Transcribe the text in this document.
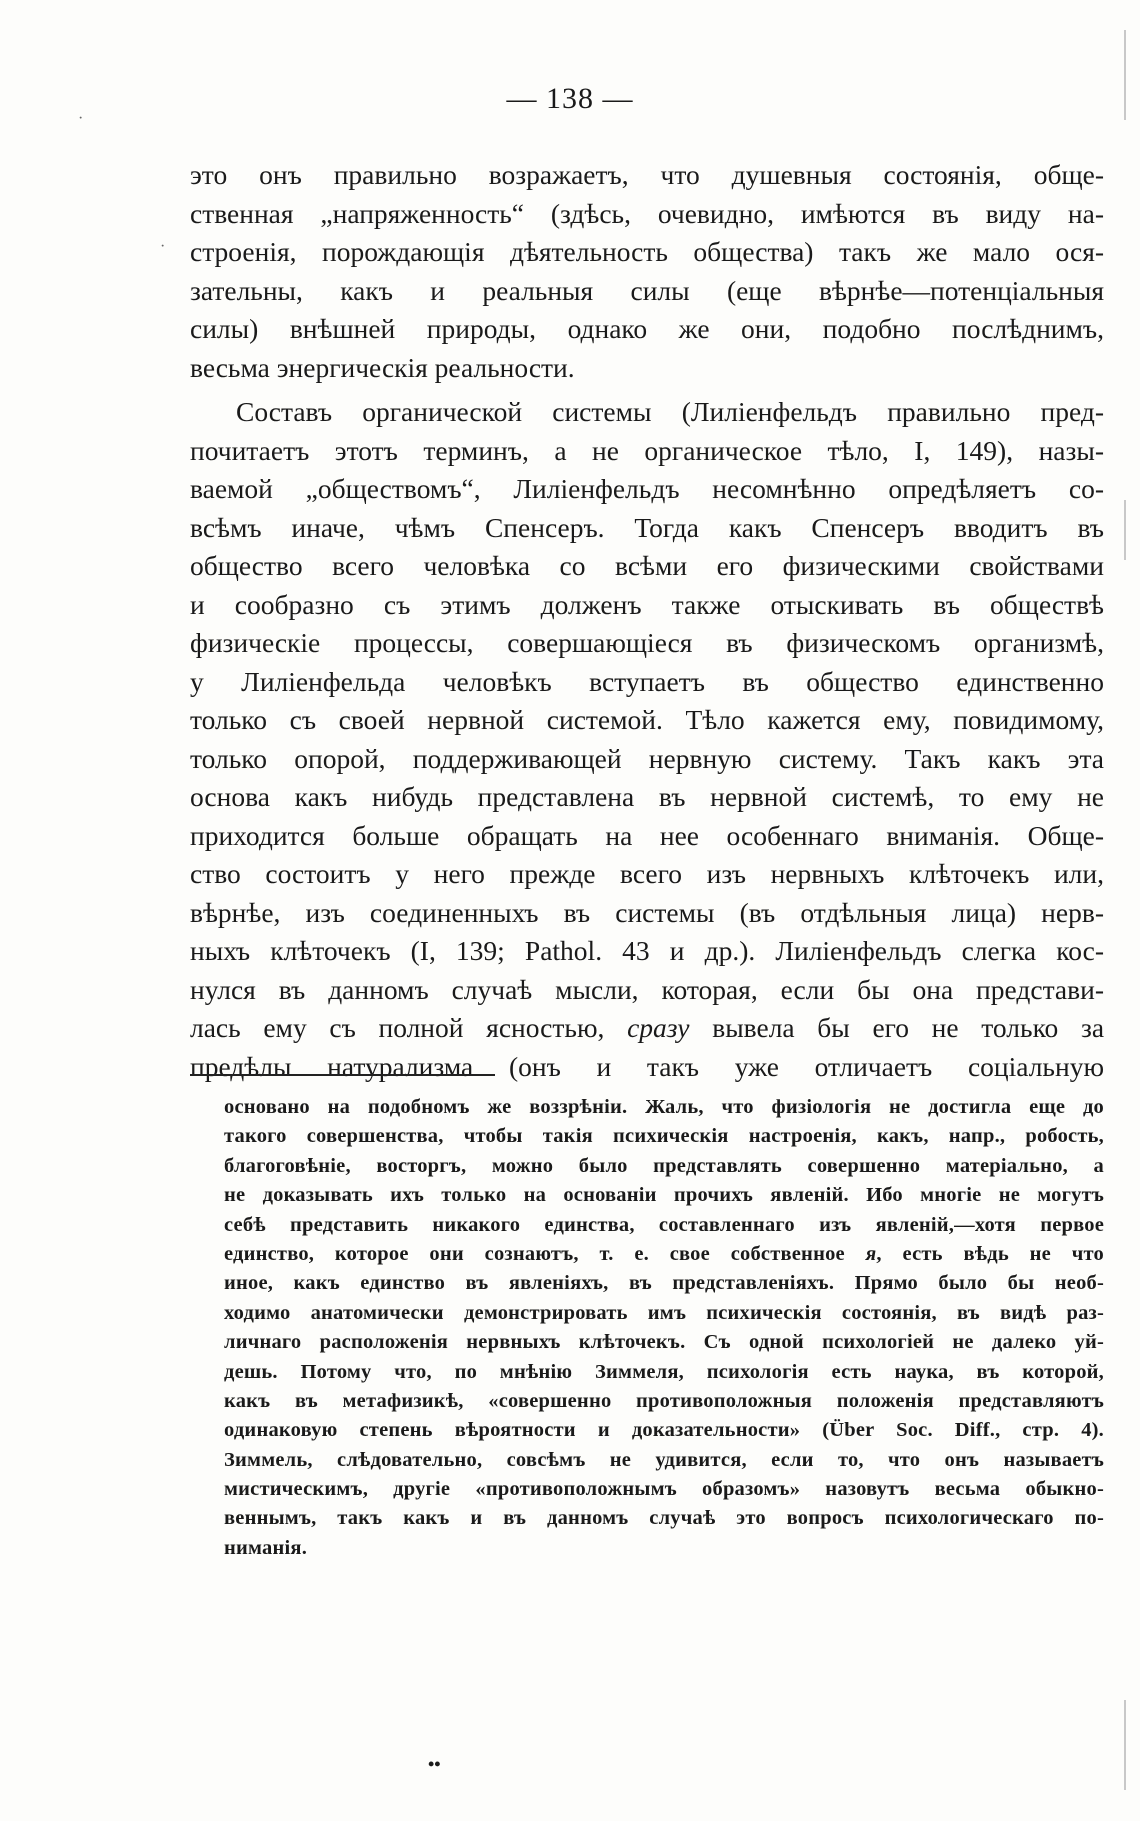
— 138 —
это онъ правильно возражаетъ, что душевныя состоянія, обще-
ственная „напряженность“ (здѣсь, очевидно, имѣются въ виду на-
строенія, порождающія дѣятельность общества) такъ же мало ося-
зательны, какъ и реальныя силы (еще вѣрнѣе—потенціальныя
силы) внѣшней природы, однако же они, подобно послѣднимъ,
весьма энергическія реальности.
Составъ органической системы (Лиліенфельдъ правильно пред-
почитаетъ этотъ терминъ, а не органическое тѣло, I, 149), назы-
ваемой „обществомъ“, Лиліенфельдъ несомнѣнно опредѣляетъ со-
всѣмъ иначе, чѣмъ Спенсеръ. Тогда какъ Спенсеръ вводитъ въ
общество всего человѣка со всѣми его физическими свойствами
и сообразно съ этимъ долженъ также отыскивать въ обществѣ
физическіе процессы, совершающіеся въ физическомъ организмѣ,
у Лиліенфельда человѣкъ вступаетъ въ общество единственно
только съ своей нервной системой. Тѣло кажется ему, повидимому,
только опорой, поддерживающей нервную систему. Такъ какъ эта
основа какъ нибудь представлена въ нервной системѣ, то ему не
приходится больше обращать на нее особеннаго вниманія. Обще-
ство состоитъ у него прежде всего изъ нервныхъ клѣточекъ или,
вѣрнѣе, изъ соединенныхъ въ системы (въ отдѣльныя лица) нерв-
ныхъ клѣточекъ (I, 139; Pathol. 43 и др.). Лиліенфельдъ слегка кос-
нулся въ данномъ случаѣ мысли, которая, если бы она представи-
лась ему съ полной ясностью, сразу вывела бы его не только за
предѣлы натурализма (онъ и такъ уже отличаетъ соціальную
основано на подобномъ же воззрѣніи. Жаль, что физіологія не достигла еще до
такого совершенства, чтобы такія психическія настроенія, какъ, напр., робость,
благоговѣніе, восторгъ, можно было представлять совершенно матеріально, а
не доказывать ихъ только на основаніи прочихъ явленій. Ибо многіе не могутъ
себѣ представить никакого единства, составленнаго изъ явленій,—хотя первое
единство, которое они сознаютъ, т. е. свое собственное я, есть вѣдь не что
иное, какъ единство въ явленіяхъ, въ представленіяхъ. Прямо было бы необ-
ходимо анатомически демонстрировать имъ психическія состоянія, въ видѣ раз-
личнаго расположенія нервныхъ клѣточекъ. Съ одной психологіей не далеко уй-
дешь. Потому что, по мнѣнію Зиммеля, психологія есть наука, въ которой,
какъ въ метафизикѣ, «совершенно противоположныя положенія представляютъ
одинаковую степень вѣроятности и доказательности» (Über Soc. Diff., стр. 4).
Зиммель, слѣдовательно, совсѣмъ не удивится, если то, что онъ называетъ
мистическимъ, другіе «противоположнымъ образомъ» назовутъ весьма обыкно-
веннымъ, такъ какъ и въ данномъ случаѣ это вопросъ психологическаго по-
ниманія.
••
·
·
